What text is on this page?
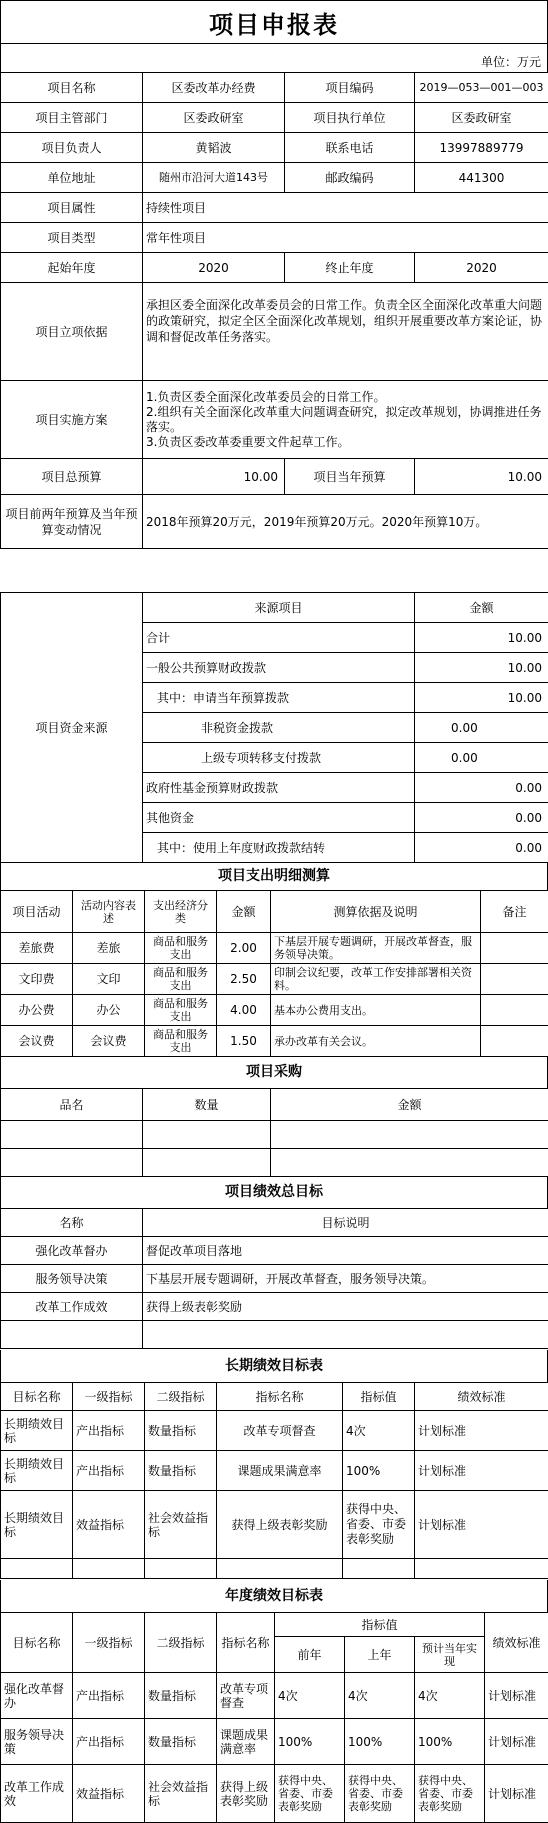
项目申报表
单位：万元
项目名称	区委改革办经费	项目编码	2019—053—001—003
项目主管部门	区委政研室	项目执行单位	区委政研室
项目负责人	黄韬波	联系电话	13997889779
单位地址	随州市沿河大道143号	邮政编码	441300
项目属性	持续性项目		
项目类型	常年性项目		
起始年度	2020	终止年度	2020
项目立项依据	承担区委全面深化改革委员会的日常工作。负责全区全面深化改革重大问题的政策研究，拟定全区全面深化改革规划，组织开展重要改革方案论证，协调和督促改革任务落实。		
项目实施方案	1.负责区委全面深化改革委员会的日常工作。
2.组织有关全面深化改革重大问题调查研究，拟定改革规划，协调推进任务落实。
3.负责区委改革委重要文件起草工作。		

项目总预算	10.00	项目当年预算	10.00
项目前两年预算及当年预算变动情况	2018年预算20万元，2019年预算20万元。2020年预算10万。		
项目资金来源	来源项目	金额
	合计	10.00
	一般公共预算财政拨款	10.00
	其中：申请当年预算拨款	10.00
	非税资金拨款	0.00
	上级专项转移支付拨款	0.00
	政府性基金预算财政拨款	0.00
	其他资金	0.00
	其中：使用上年度财政拨款结转	0.00
项目支出明细测算
项目活动	活动内容表述	支出经济分类	金额	测算依据及说明	备注
差旅费	差旅	商品和服务支出	2.00	下基层开展专题调研，开展改革督查，服务领导决策。	
文印费	文印	商品和服务支出	2.50	印制会议纪要，改革工作安排部署相关资料。	
办公费	办公	商品和服务支出	4.00	基本办公费用支出。	
会议费	会议费	商品和服务支出	1.50	承办改革有关会议。	
项目采购
品名	数量	金额

项目绩效总目标
名称	目标说明
强化改革督办	督促改革项目落地
服务领导决策	下基层开展专题调研，开展改革督查，服务领导决策。
改革工作成效	获得上级表彰奖励

长期绩效目标表
目标名称	一级指标	二级指标	指标名称	指标值	绩效标准
长期绩效目标	产出指标	数量指标	改革专项督查	4次	计划标准
长期绩效目标	产出指标	数量指标	课题成果满意率	100%	计划标准
长期绩效目标	效益指标	社会效益指标	获得上级表彰奖励	获得中央、省委、市委表彰奖励	计划标准

年度绩效目标表
目标名称	一级指标	二级指标	指标名称	指标值			绩效标准
				前年	上年	预计当年实现	
强化改革督办	产出指标	数量指标	改革专项督查	4次	4次	4次	计划标准
服务领导决策	产出指标	数量指标	课题成果满意率	100%	100%	100%	计划标准
改革工作成效	效益指标	社会效益指标	获得上级表彰奖励	获得中央、省委、市委表彰奖励	获得中央、省委、市委表彰奖励	获得中央、省委、市委表彰奖励	计划标准
